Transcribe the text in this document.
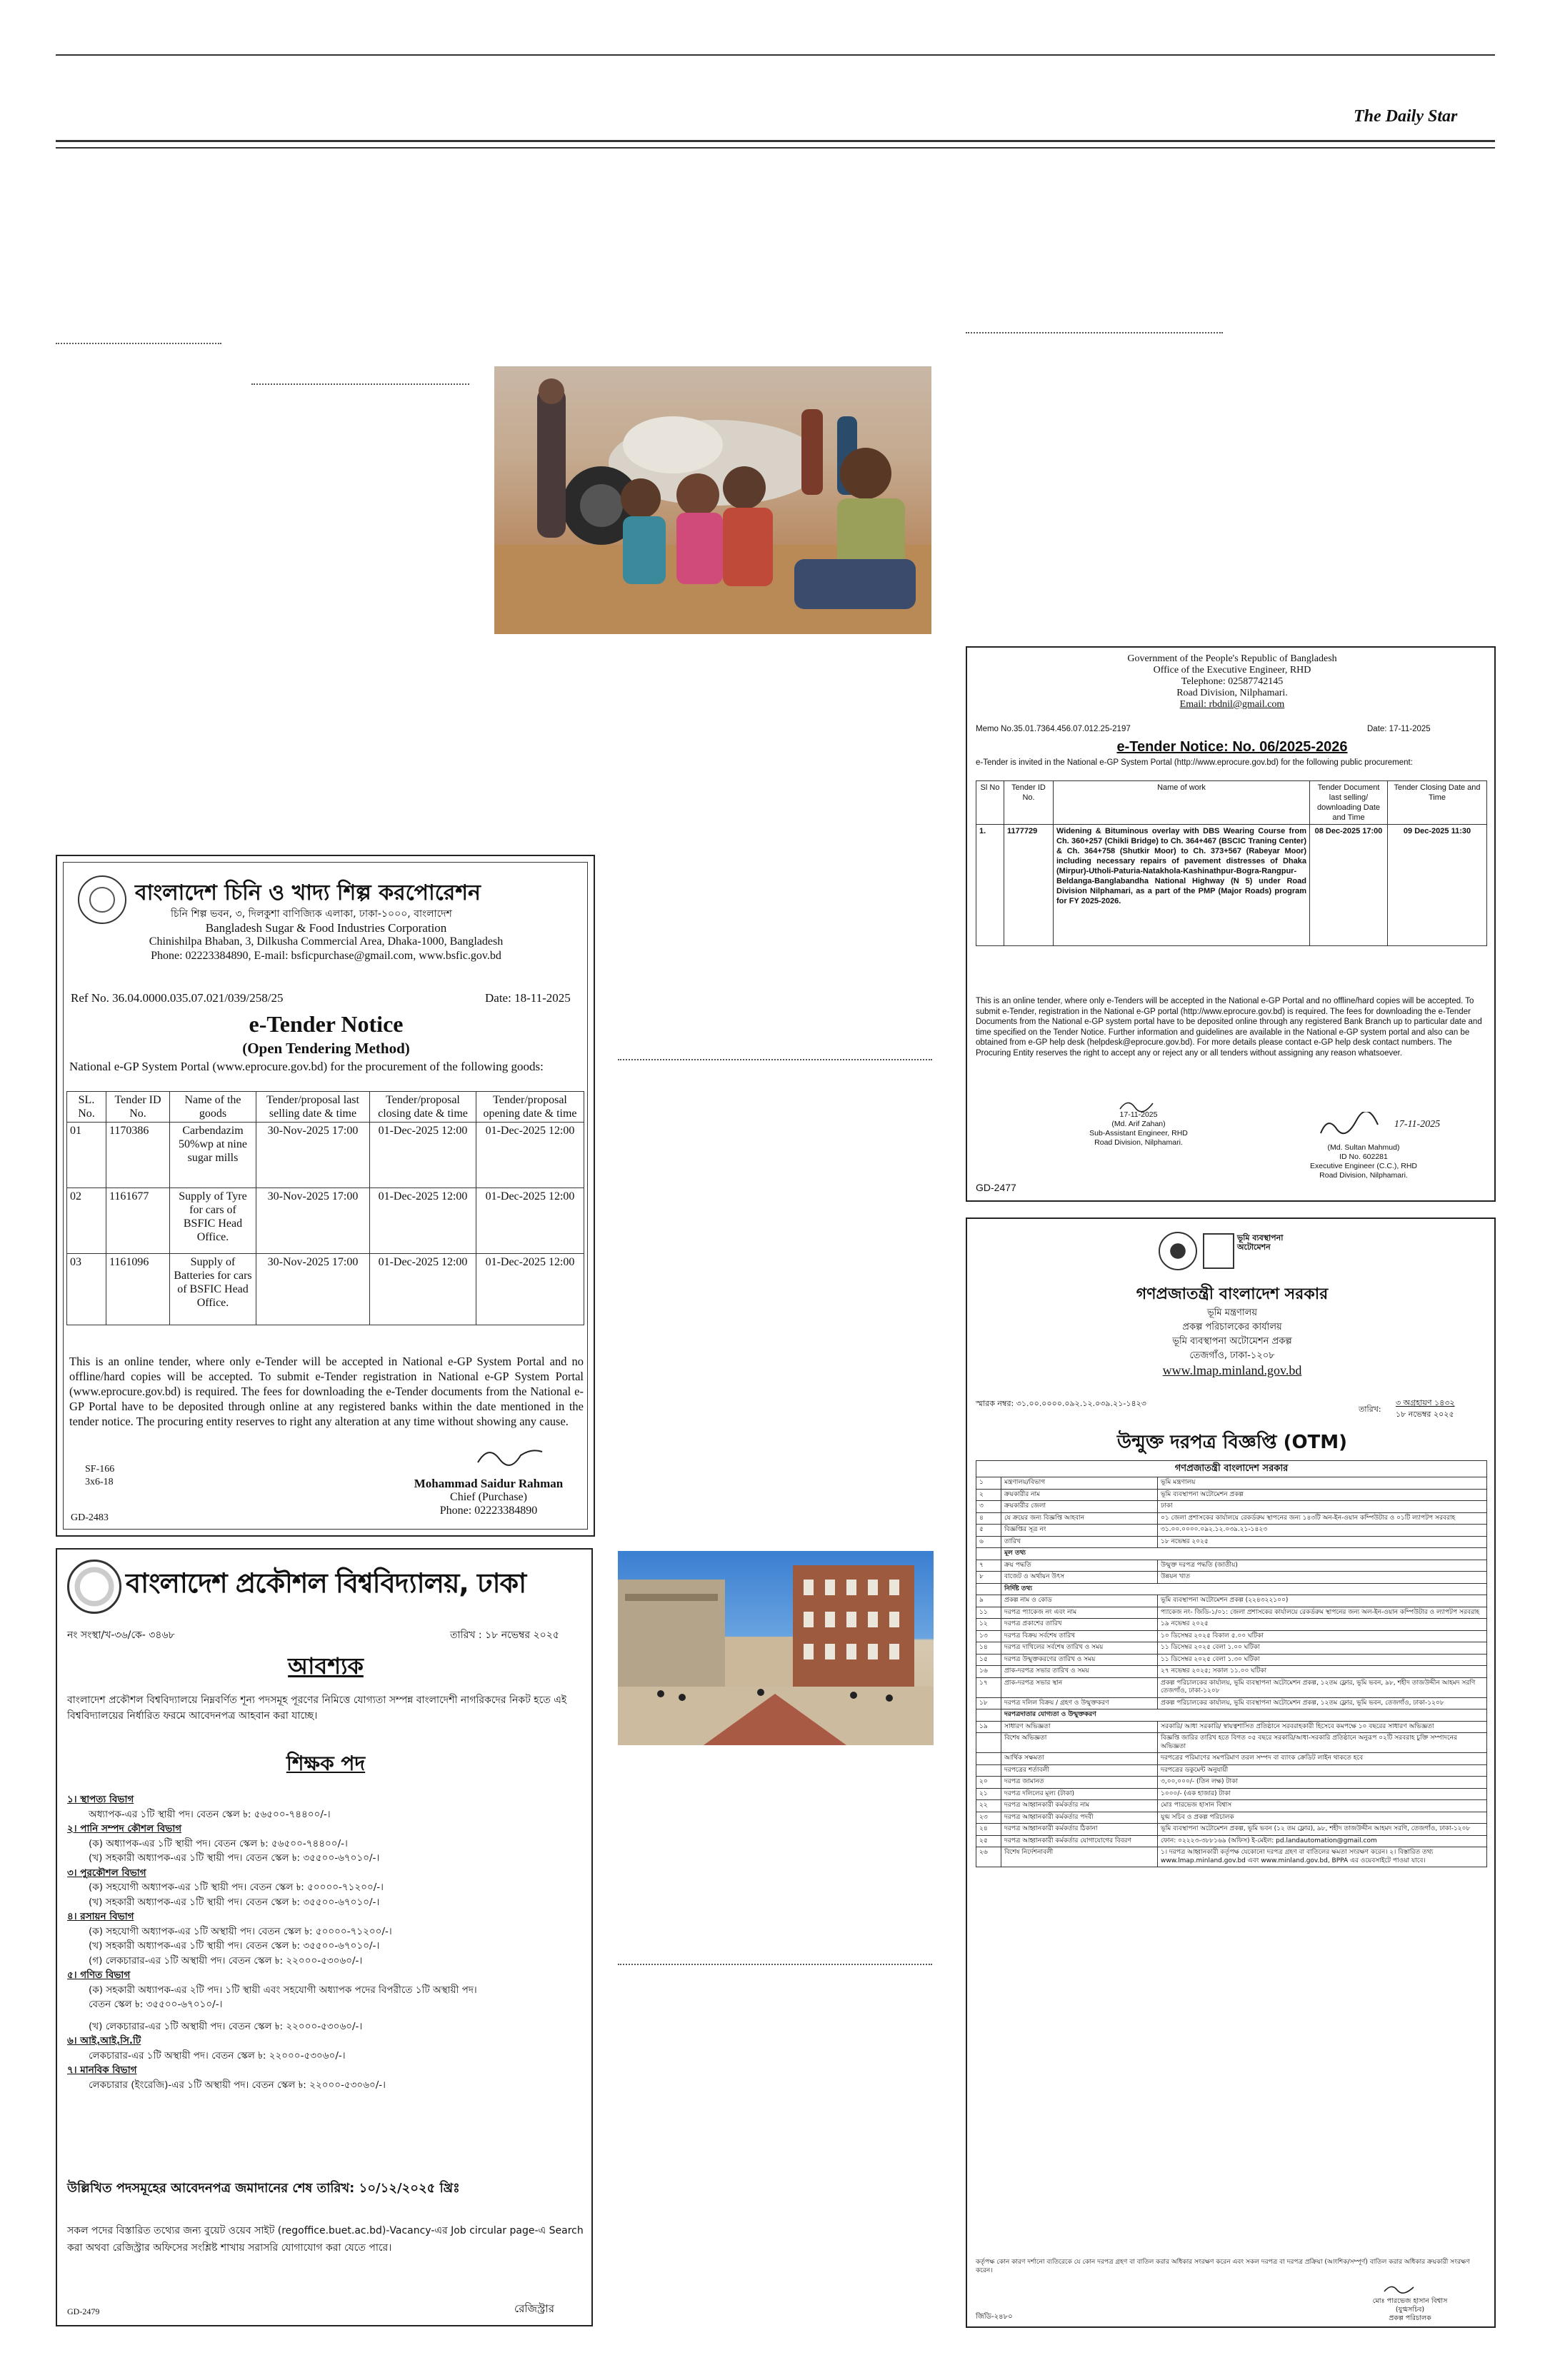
The Daily Star
বাংলাদেশ চিনি ও খাদ্য শিল্প করপোরেশন
চিনি শিল্প ভবন, ৩, দিলকুশা বাণিজ্যিক এলাকা, ঢাকা-১০০০, বাংলাদেশ
Bangladesh Sugar & Food Industries Corporation
Chinishilpa Bhaban, 3, Dilkusha Commercial Area, Dhaka-1000, Bangladesh
Phone: 02223384890, E-mail: bsficpurchase@gmail.com, www.bsfic.gov.bd
Ref No. 36.04.0000.035.07.021/039/258/25	Date: 18-11-2025
e-Tender Notice
(Open Tendering Method)
National e-GP System Portal (www.eprocure.gov.bd) for the procurement of the following goods:
SL. No.	Tender ID No.	Name of the goods	Tender/proposal last selling date & time	Tender/proposal closing date & time	Tender/proposal opening date & time
01	1170386	Carbendazim 50%wp at nine sugar mills	30-Nov-2025 17:00	01-Dec-2025 12:00	01-Dec-2025 12:00
02	1161677	Supply of Tyre for cars of BSFIC Head Office.	30-Nov-2025 17:00	01-Dec-2025 12:00	01-Dec-2025 12:00
03	1161096	Supply of Batteries for cars of BSFIC Head Office.	30-Nov-2025 17:00	01-Dec-2025 12:00	01-Dec-2025 12:00
This is an online tender, where only e-Tender will be accepted in National e-GP System Portal and no offline/hard copies will be accepted. To submit e-Tender registration in National e-GP System Portal (www.eprocure.gov.bd) is required. The fees for downloading the e-Tender documents from the National e-GP Portal have to be deposited through online at any registered banks within the date mentioned in the tender notice. The procuring entity reserves to right any alteration at any time without showing any cause.
SF-166
3x6-18	Mohammad Saidur Rahman
Chief (Purchase)
Phone: 02223384890
GD-2483
বাংলাদেশ প্রকৌশল বিশ্ববিদ্যালয়, ঢাকা
নং সংস্থা/খ-৩৬/কে- ৩৪৬৮	তারিখ : ১৮ নভেম্বর ২০২৫
আবশ্যক
বাংলাদেশ প্রকৌশল বিশ্ববিদ্যালয়ে নিম্নবর্ণিত শূন্য পদসমূহ পূরণের নিমিত্তে যোগ্যতা সম্পন্ন বাংলাদেশী নাগরিকদের নিকট হতে এই বিশ্ববিদ্যালয়ের নির্ধারিত ফরমে আবেদনপত্র আহবান করা যাচ্ছে।
শিক্ষক পদ
১। স্থাপত্য বিভাগ
অধ্যাপক-এর ১টি স্থায়ী পদ। বেতন স্কেল ৳: ৫৬৫০০-৭৪৪০০/-।
২। পানি সম্পদ কৌশল বিভাগ
(ক) অধ্যাপক-এর ১টি স্থায়ী পদ। বেতন স্কেল ৳: ৫৬৫০০-৭৪৪০০/-।
(খ) সহকারী অধ্যাপক-এর ১টি স্থায়ী পদ। বেতন স্কেল ৳: ৩৫৫০০-৬৭০১০/-।
৩। পুরকৌশল বিভাগ
(ক) সহযোগী অধ্যাপক-এর ১টি স্থায়ী পদ। বেতন স্কেল ৳: ৫০০০০-৭১২০০/-।
(খ) সহকারী অধ্যাপক-এর ১টি স্থায়ী পদ। বেতন স্কেল ৳: ৩৫৫০০-৬৭০১০/-।
৪। রসায়ন বিভাগ
(ক) সহযোগী অধ্যাপক-এর ১টি অস্থায়ী পদ। বেতন স্কেল ৳: ৫০০০০-৭১২০০/-।
(খ) সহকারী অধ্যাপক-এর ১টি স্থায়ী পদ। বেতন স্কেল ৳: ৩৫৫০০-৬৭০১০/-।
(গ) লেকচারার-এর ১টি অস্থায়ী পদ। বেতন স্কেল ৳: ২২০০০-৫৩০৬০/-।
৫। গণিত বিভাগ
(ক) সহকারী অধ্যাপক-এর ২টি পদ। ১টি স্থায়ী এবং সহযোগী অধ্যাপক পদের বিপরীতে ১টি অস্থায়ী পদ।
বেতন স্কেল ৳: ৩৫৫০০-৬৭০১০/-।
(খ) লেকচারার-এর ১টি অস্থায়ী পদ। বেতন স্কেল ৳: ২২০০০-৫৩০৬০/-।
৬। আই.আই.সি.টি
লেকচারার-এর ১টি অস্থায়ী পদ। বেতন স্কেল ৳: ২২০০০-৫৩০৬০/-।
৭। মানবিক বিভাগ
লেকচারার (ইংরেজি)-এর ১টি অস্থায়ী পদ। বেতন স্কেল ৳: ২২০০০-৫৩০৬০/-।
উল্লিখিত পদসমূহের আবেদনপত্র জমাদানের শেষ তারিখ: ১০/১২/২০২৫ খ্রিঃ
সকল পদের বিস্তারিত তথ্যের জন্য বুয়েট ওয়েব সাইট (regoffice.buet.ac.bd)-Vacancy-এর Job circular page-এ Search করা অথবা রেজিস্ট্রার অফিসের সংশ্লিষ্ট শাখায় সরাসরি যোগাযোগ করা যেতে পারে।
GD-2479	রেজিস্ট্রার
Government of the People's Republic of Bangladesh
Office of the Executive Engineer, RHD
Telephone: 02587742145
Road Division, Nilphamari.
Email: rbdnil@gmail.com
Memo No.35.01.7364.456.07.012.25-2197	Date: 17-11-2025
e-Tender Notice: No. 06/2025-2026
e-Tender is invited in the National e-GP System Portal (http://www.eprocure.gov.bd) for the following public procurement:
Sl No	Tender ID No.	Name of work	Tender Document last selling/ downloading Date and Time	Tender Closing Date and Time
1.	1177729	Widening & Bituminous overlay with DBS Wearing Course from Ch. 360+257 (Chikli Bridge) to Ch. 364+467 (BSCIC Traning Center) & Ch. 364+758 (Shutkir Moor) to Ch. 373+567 (Rabeyar Moor) including necessary repairs of pavement distresses of Dhaka (Mirpur)-Utholi-Paturia-Natakhola-Kashinathpur-Bogra-Rangpur-Beldanga-Banglabandha National Highway (N 5) under Road Division Nilphamari, as a part of the PMP (Major Roads) program for FY 2025-2026.	08 Dec-2025 17:00	09 Dec-2025 11:30
This is an online tender, where only e-Tenders will be accepted in the National e-GP Portal and no offline/hard copies will be accepted. To submit e-Tender, registration in the National e-GP portal (http://www.eprocure.gov.bd) is required. The fees for downloading the e-Tender Documents from the National e-GP system portal have to be deposited online through any registered Bank Branch up to particular date and time specified on the Tender Notice. Further information and guidelines are available in the National e-GP system portal and also can be obtained from e-GP help desk (helpdesk@eprocure.gov.bd). For more details please contact e-GP help desk contact numbers. The Procuring Entity reserves the right to accept any or reject any or all tenders without assigning any reason whatsoever.
17-11-2025
(Md. Arif Zahan)
Sub-Assistant Engineer, RHD
Road Division, Nilphamari.
17-11-2025
(Md. Sultan Mahmud)
ID No. 602281
Executive Engineer (C.C.), RHD
Road Division, Nilphamari.
GD-2477
ভূমি ব্যবস্থাপনা অটোমেশন
গণপ্রজাতন্ত্রী বাংলাদেশ সরকার
ভূমি মন্ত্রণালয়
প্রকল্প পরিচালকের কার্যালয়
ভূমি ব্যবস্থাপনা অটোমেশন প্রকল্প
তেজগাঁও, ঢাকা-১২০৮
www.lmap.minland.gov.bd
স্মারক নম্বর: ৩১.০০.০০০০.০৯২.১২.০৩৯.২১-১৪২৩
তারিখ:
৩ অগ্রহায়ণ ১৪৩২
১৮ নভেম্বর ২০২৫
উন্মুক্ত দরপত্র বিজ্ঞপ্তি (OTM)
গণপ্রজাতন্ত্রী বাংলাদেশ সরকার		
১	মন্ত্রণালয়/বিভাগ	ভূমি মন্ত্রণালয়
২	ক্রয়কারীর নাম	ভূমি ব্যবস্থাপনা অটোমেশন প্রকল্প
৩	ক্রয়কারীর জেলা	ঢাকা
৪	যে ক্রয়ের জন্য বিজ্ঞপ্তি আহবান	০১ জেলা প্রশাসকের কার্যালয়ে রেকর্ডরুম স্থাপনের জন্য ১৪৩টি অন-ইন-ওয়ান কম্পিউটার ও ০১টি ল্যাপটপ সরবরাহ
৫	বিজ্ঞপ্তির সূত্র নং	৩১.০০.০০০০.০৯২.১২.০৩৯.২১-১৪২৩
৬	তারিখ	১৮ নভেম্বর ২০২৫
	মূল তথ্য	
৭	ক্রয় পদ্ধতি	উন্মুক্ত দরপত্র পদ্ধতি (জাতীয়)
৮	বাজেট ও অর্থায়ন উৎস	উন্নয়ন খাত
	নির্দিষ্ট তথ্য	
৯	প্রকল্প নাম ও কোড	ভূমি ব্যবস্থাপনা অটোমেশন প্রকল্প (২২৪৩২২১০০)
১১	দরপত্র প্যাকেজ নং এবং নাম	প্যাকেজ নং- জিডি-১/০১: জেলা প্রশাসকের কার্যালয়ে রেকর্ডরুম স্থাপনের জন্য অল-ইন-ওয়ান কম্পিউটার ও ল্যাপটপ সরবরাহ
১২	দরপত্র প্রকাশের তারিখ	১৯ নভেম্বর ২০২৫
১৩	দরপত্র বিক্রয় সর্বশেষ তারিখ	১০ ডিসেম্বর ২০২৫ বিকাল ৫.০০ ঘটিকা
১৪	দরপত্র দাখিলের সর্বশেষ তারিখ ও সময়	১১ ডিসেম্বর ২০২৫ বেলা ১.০০ ঘটিকা
১৫	দরপত্র উন্মুক্তকরণের তারিখ ও সময়	১১ ডিসেম্বর ২০২৫ বেলা ১.৩০ ঘটিকা
১৬	প্রাক-দরপত্র সভার তারিখ ও সময়	২৭ নভেম্বর ২০২৫; সকাল ১১.০০ ঘটিকা
১৭	প্রাক-দরপত্র সভার স্থান	প্রকল্প পরিচালকের কার্যালয়, ভূমি ব্যবস্থাপনা অটোমেশন প্রকল্প, ১২তম ফ্লোর, ভূমি ভবন, ৯৮, শহীদ তাজউদ্দীন আহমদ সরণি তেজগাঁও, ঢাকা-১২০৮
১৮	দরপত্র দলিল বিক্রয় / গ্রহণ ও উন্মুক্তকরণ	প্রকল্প পরিচালকের কার্যালয়, ভূমি ব্যবস্থাপনা অটোমেশন প্রকল্প, ১২তম ফ্লোর, ভূমি ভবন, তেজগাঁও, ঢাকা-১২০৮
	দরপত্রদাতার যোগ্যতা ও উন্মুক্তকরণ	
১৯	সাধারণ অভিজ্ঞতা	সরকারি/ আধা সরকারি/ স্বায়ত্বশাসিত প্রতিষ্ঠানে সরবরাহকারী হিসেবে কমপক্ষে ১০ বছরের সাধারণ অভিজ্ঞতা
	বিশেষ অভিজ্ঞতা	বিজ্ঞপ্তি জারির তারিখ হতে বিগত ০৫ বছরে সরকারি/আধা-সরকারি প্রতিষ্ঠানে অনুরূপ ০২টি সরবরাহ চুক্তি সম্পাদনের অভিজ্ঞতা
	আর্থিক সক্ষমতা	দরপত্রের পরিমাণের সমপরিমাণ তরল সম্পদ বা ব্যাংক ক্রেডিট লাইন থাকতে হবে
	দরপত্রের শর্তাবলী	দরপত্রের ডকুমেন্ট অনুযায়ী
২০	দরপত্র জামানত	৩,০০,০০০/- (তিন লক্ষ) টাকা
২১	দরপত্র দলিলের মূল্য (টাকা)	১০০০/- (এক হাজার) টাকা
২২	দরপত্র আহ্বানকারী কর্মকর্তার নাম	মোঃ পারভেজ হাসান বিশ্বাস
২৩	দরপত্র আহ্বানকারী কর্মকর্তার পদবী	যুগ্ম সচিব ও প্রকল্প পরিচালক
২৪	দরপত্র আহ্বানকারী কর্মকর্তার ঠিকানা	ভূমি ব্যবস্থাপনা অটোমেশন প্রকল্প, ভূমি ভবন (১২ তম ফ্লোর), ৯৮, শহীদ তাজউদ্দীন আহমদ সরণি, তেজগাঁও, ঢাকা-১২০৮
২৫	দরপত্র আহ্বানকারী কর্মকর্তার যোগাযোগের বিবরণ	ফোন: ০২২২৩-৩৮৮১৬৯ (অফিস) ই-মেইল: pd.landautomation@gmail.com
২৬	বিশেষ নির্দেশনাবলী	১। দরপত্র আহ্বানকারী কর্তৃপক্ষ যেকোনো দরপত্র গ্রহণ বা বাতিলের ক্ষমতা সংরক্ষণ করেন। ২। বিস্তারিত তথ্য www.lmap.minland.gov.bd এবং www.minland.gov.bd, BPPA এর ওয়েবসাইটে পাওয়া যাবে।
কর্তৃপক্ষ কোন কারণ দর্শানো ব্যতিরেকে যে কোন দরপত্র গ্রহণ বা বাতিল করার অধিকার সংরক্ষণ করেন এবং সকল দরপত্র বা দরপত্র প্রক্রিয়া (আংশিক/সম্পূর্ণ) বাতিল করার অধিকার ক্রয়কারী সংরক্ষণ করেন।
মোঃ পারভেজ হাসান বিশ্বাস
(যুগ্মসচিব)
প্রকল্প পরিচালক
জিডি-২৪৮০
